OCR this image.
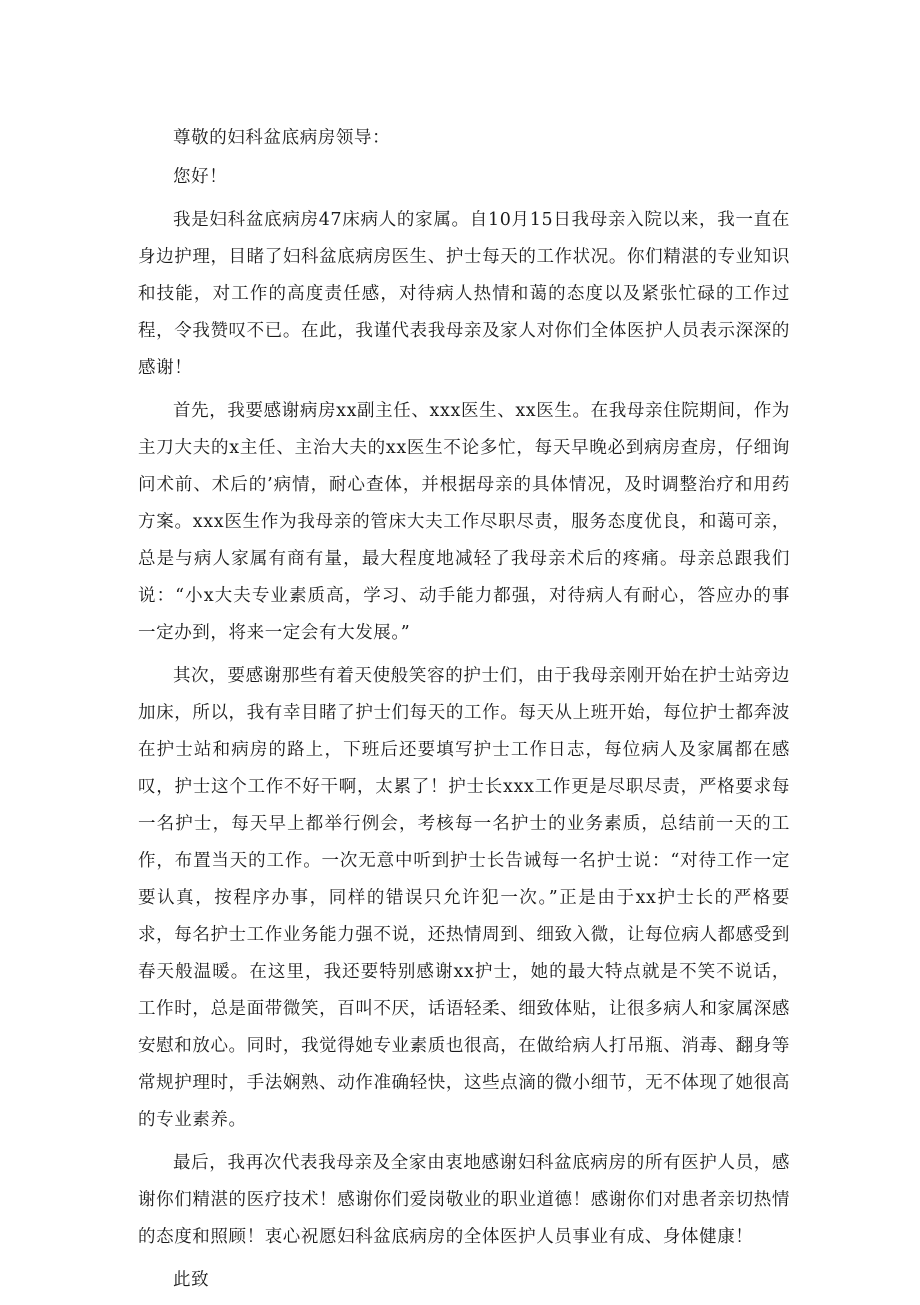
尊敬的妇科盆底病房领导：

您好！

我是妇科盆底病房47床病人的家属。自10月15日我母亲入院以来，我一直在身边护理，目睹了妇科盆底病房医生、护士每天的工作状况。你们精湛的专业知识和技能，对工作的高度责任感，对待病人热情和蔼的态度以及紧张忙碌的工作过程，令我赞叹不已。在此，我谨代表我母亲及家人对你们全体医护人员表示深深的感谢！

首先，我要感谢病房xx副主任、xxx医生、xx医生。在我母亲住院期间，作为主刀大夫的x主任、主治大夫的xx医生不论多忙，每天早晚必到病房查房，仔细询问术前、术后的’病情，耐心查体，并根据母亲的具体情况，及时调整治疗和用药方案。xxx医生作为我母亲的管床大夫工作尽职尽责，服务态度优良，和蔼可亲，总是与病人家属有商有量，最大程度地减轻了我母亲术后的疼痛。母亲总跟我们说：“小x大夫专业素质高，学习、动手能力都强，对待病人有耐心，答应办的事一定办到，将来一定会有大发展。”

其次，要感谢那些有着天使般笑容的护士们，由于我母亲刚开始在护士站旁边加床，所以，我有幸目睹了护士们每天的工作。每天从上班开始，每位护士都奔波在护士站和病房的路上，下班后还要填写护士工作日志，每位病人及家属都在感叹，护士这个工作不好干啊，太累了！护士长xxx工作更是尽职尽责，严格要求每一名护士，每天早上都举行例会，考核每一名护士的业务素质，总结前一天的工作，布置当天的工作。一次无意中听到护士长告诫每一名护士说：“对待工作一定要认真，按程序办事，同样的错误只允许犯一次。”正是由于xx护士长的严格要求，每名护士工作业务能力强不说，还热情周到、细致入微，让每位病人都感受到春天般温暖。在这里，我还要特别感谢xx护士，她的最大特点就是不笑不说话，工作时，总是面带微笑，百叫不厌，话语轻柔、细致体贴，让很多病人和家属深感安慰和放心。同时，我觉得她专业素质也很高，在做给病人打吊瓶、消毒、翻身等常规护理时，手法娴熟、动作准确轻快，这些点滴的微小细节，无不体现了她很高的专业素养。

最后，我再次代表我母亲及全家由衷地感谢妇科盆底病房的所有医护人员，感谢你们精湛的医疗技术！感谢你们爱岗敬业的职业道德！感谢你们对患者亲切热情的态度和照顾！衷心祝愿妇科盆底病房的全体医护人员事业有成、身体健康！

此致
